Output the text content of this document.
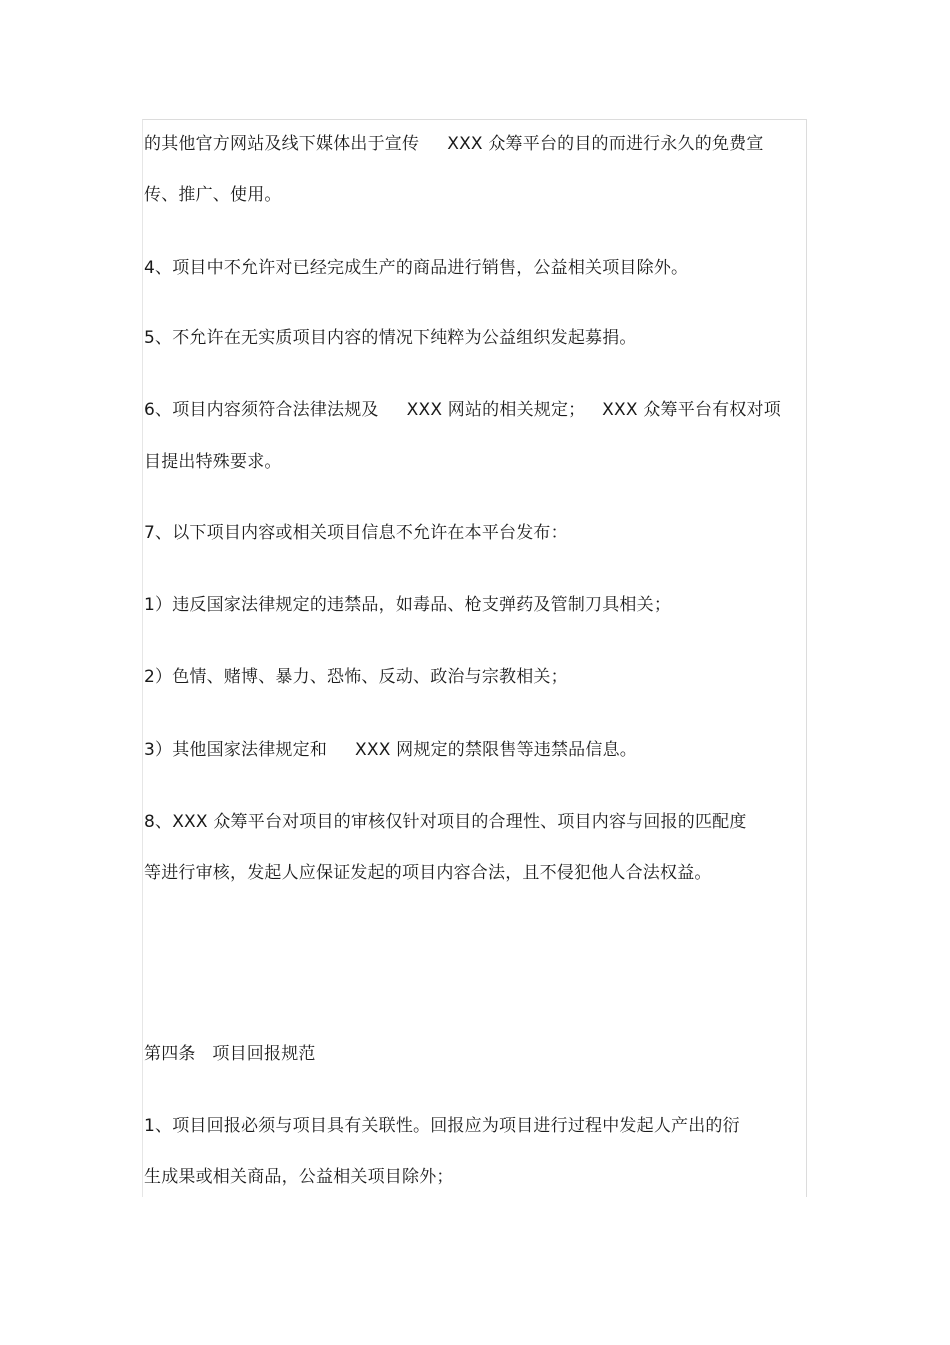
的其他官方网站及线下媒体出于宣传     XXX 众筹平台的目的而进行永久的免费宣
传、推广、使用。
4、项目中不允许对已经完成生产的商品进行销售，公益相关项目除外。
5、不允许在无实质项目内容的情况下纯粹为公益组织发起募捐。
6、项目内容须符合法律法规及     XXX 网站的相关规定；   XXX 众筹平台有权对项
目提出特殊要求。
7、以下项目内容或相关项目信息不允许在本平台发布：
1）违反国家法律规定的违禁品，如毒品、枪支弹药及管制刀具相关；
2）色情、赌博、暴力、恐怖、反动、政治与宗教相关；
3）其他国家法律规定和     XXX 网规定的禁限售等违禁品信息。
8、XXX 众筹平台对项目的审核仅针对项目的合理性、项目内容与回报的匹配度
等进行审核，发起人应保证发起的项目内容合法，且不侵犯他人合法权益。
第四条   项目回报规范
1、项目回报必须与项目具有关联性。回报应为项目进行过程中发起人产出的衍
生成果或相关商品，公益相关项目除外；
